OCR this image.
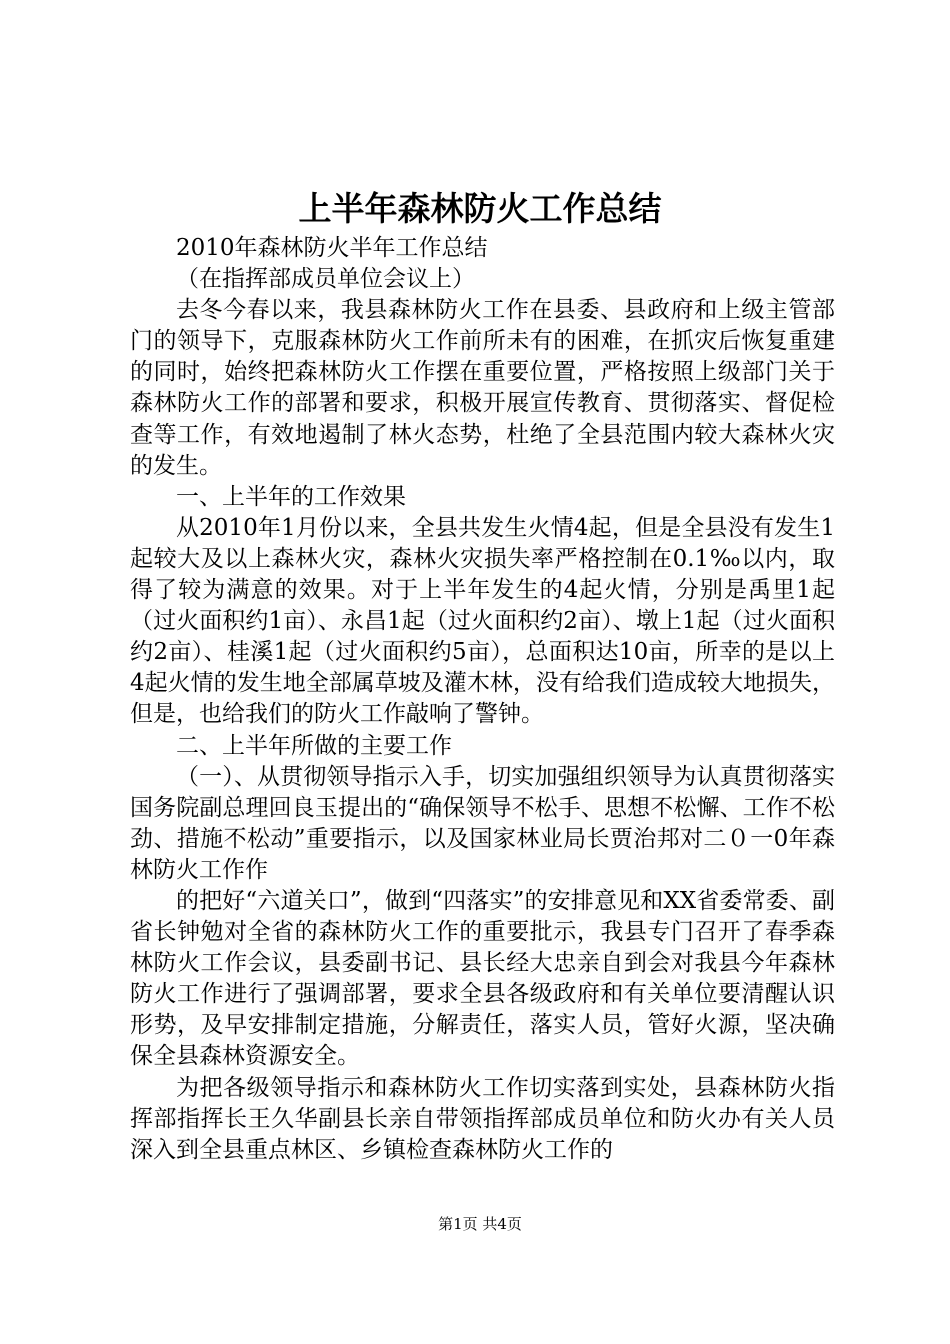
上半年森林防火工作总结

2010年森林防火半年工作总结

（在指挥部成员单位会议上）

去冬今春以来，我县森林防火工作在县委、县政府和上级主管部门的领导下，克服森林防火工作前所未有的困难，在抓灾后恢复重建的同时，始终把森林防火工作摆在重要位置，严格按照上级部门关于森林防火工作的部署和要求，积极开展宣传教育、贯彻落实、督促检查等工作，有效地遏制了林火态势，杜绝了全县范围内较大森林火灾的发生。

一、上半年的工作效果

从2010年1月份以来，全县共发生火情4起，但是全县没有发生1起较大及以上森林火灾，森林火灾损失率严格控制在0.1‰以内，取得了较为满意的效果。对于上半年发生的4起火情，分别是禹里1起（过火面积约1亩）、永昌1起（过火面积约2亩）、墩上1起（过火面积约2亩）、桂溪1起（过火面积约5亩），总面积达10亩，所幸的是以上4起火情的发生地全部属草坡及灌木林，没有给我们造成较大地损失，但是，也给我们的防火工作敲响了警钟。

二、上半年所做的主要工作

（一）、从贯彻领导指示入手，切实加强组织领导为认真贯彻落实国务院副总理回良玉提出的“确保领导不松手、思想不松懈、工作不松劲、措施不松动”重要指示，以及国家林业局长贾治邦对二０一0年森林防火工作作

的把好“六道关口”，做到“四落实”的安排意见和XX省委常委、副省长钟勉对全省的森林防火工作的重要批示，我县专门召开了春季森林防火工作会议，县委副书记、县长经大忠亲自到会对我县今年森林防火工作进行了强调部署，要求全县各级政府和有关单位要清醒认识形势，及早安排制定措施，分解责任，落实人员，管好火源，坚决确保全县森林资源安全。

为把各级领导指示和森林防火工作切实落到实处，县森林防火指挥部指挥长王久华副县长亲自带领指挥部成员单位和防火办有关人员深入到全县重点林区、乡镇检查森林防火工作的

第1页 共4页
